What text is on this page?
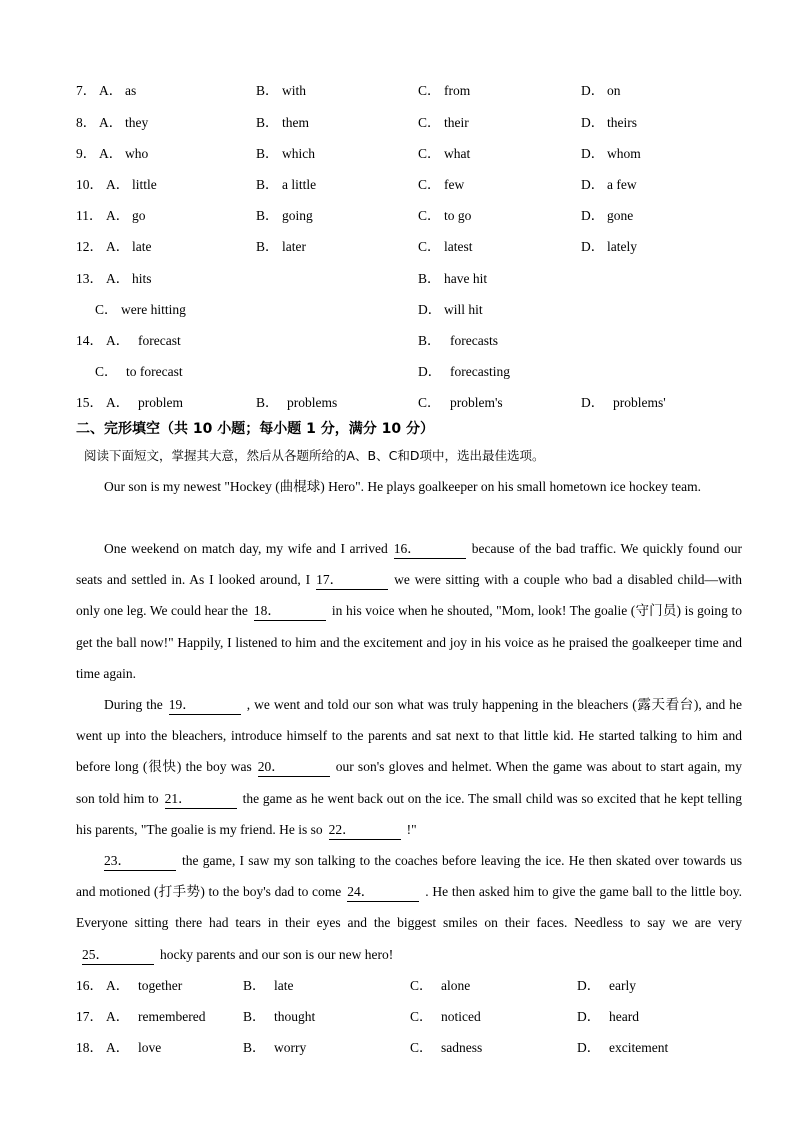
7． A． as	B． with	C． from	D． on
8． A． they	B． them	C． their	D． theirs
9． A． who	B． which	C． what	D． whom
10． A． little	B． a little	C． few	D． a few
11． A． go	B． going	C． to go	D． gone
12． A． late	B． later	C． latest	D． lately
13． A． hits	B． have hit
C． were hitting	D． will hit
14． A． forecast	B． forecasts
C． to forecast	D． forecasting
15． A． problem	B． problems	C． problem's	D． problems'
二、完形填空（共 10 小题；每小题 1 分，满分 10 分）
阅读下面短文，掌握其大意，然后从各题所给的A、B、C和D项中，选出最佳选项。
Our son is my newest "Hockey (曲棍球) Hero". He plays goalkeeper on his small hometown ice hockey team.
One weekend on match day, my wife and I arrived 16．	because of the bad traffic. We quickly found our seats and settled in. As I looked around, I 17．	we were sitting with a couple who bad a disabled child—with only one leg. We could hear the 18．	in his voice when he shouted, "Mom, look! The goalie (守门员) is going to get the ball now!" Happily, I listened to him and the excitement and joy in his voice as he praised the goalkeeper time and time again.
During the 19．	, we went and told our son what was truly happening in the bleachers (露天看台), and he went up into the bleachers, introduce himself to the parents and sat next to that little kid. He started talking to him and before long (很快) the boy was 20．	our son's gloves and helmet. When the game was about to start again, my son told him to 21．	the game as he went back out on the ice. The small child was so excited that he kept telling his parents, "The goalie is my friend. He is so 22．	!"
23．	the game, I saw my son talking to the coaches before leaving the ice. He then skated over towards us and motioned (打手势) to the boy's dad to come 24．	. He then asked him to give the game ball to the little boy. Everyone sitting there had tears in their eyes and the biggest smiles on their faces. Needless to say we are very25．	hocky parents and our son is our new hero!
16． A． together	B． late	C． alone	D． early
17． A． remembered	B． thought	C． noticed	D． heard
18． A． love	B． worry	C． sadness	D． excitement
